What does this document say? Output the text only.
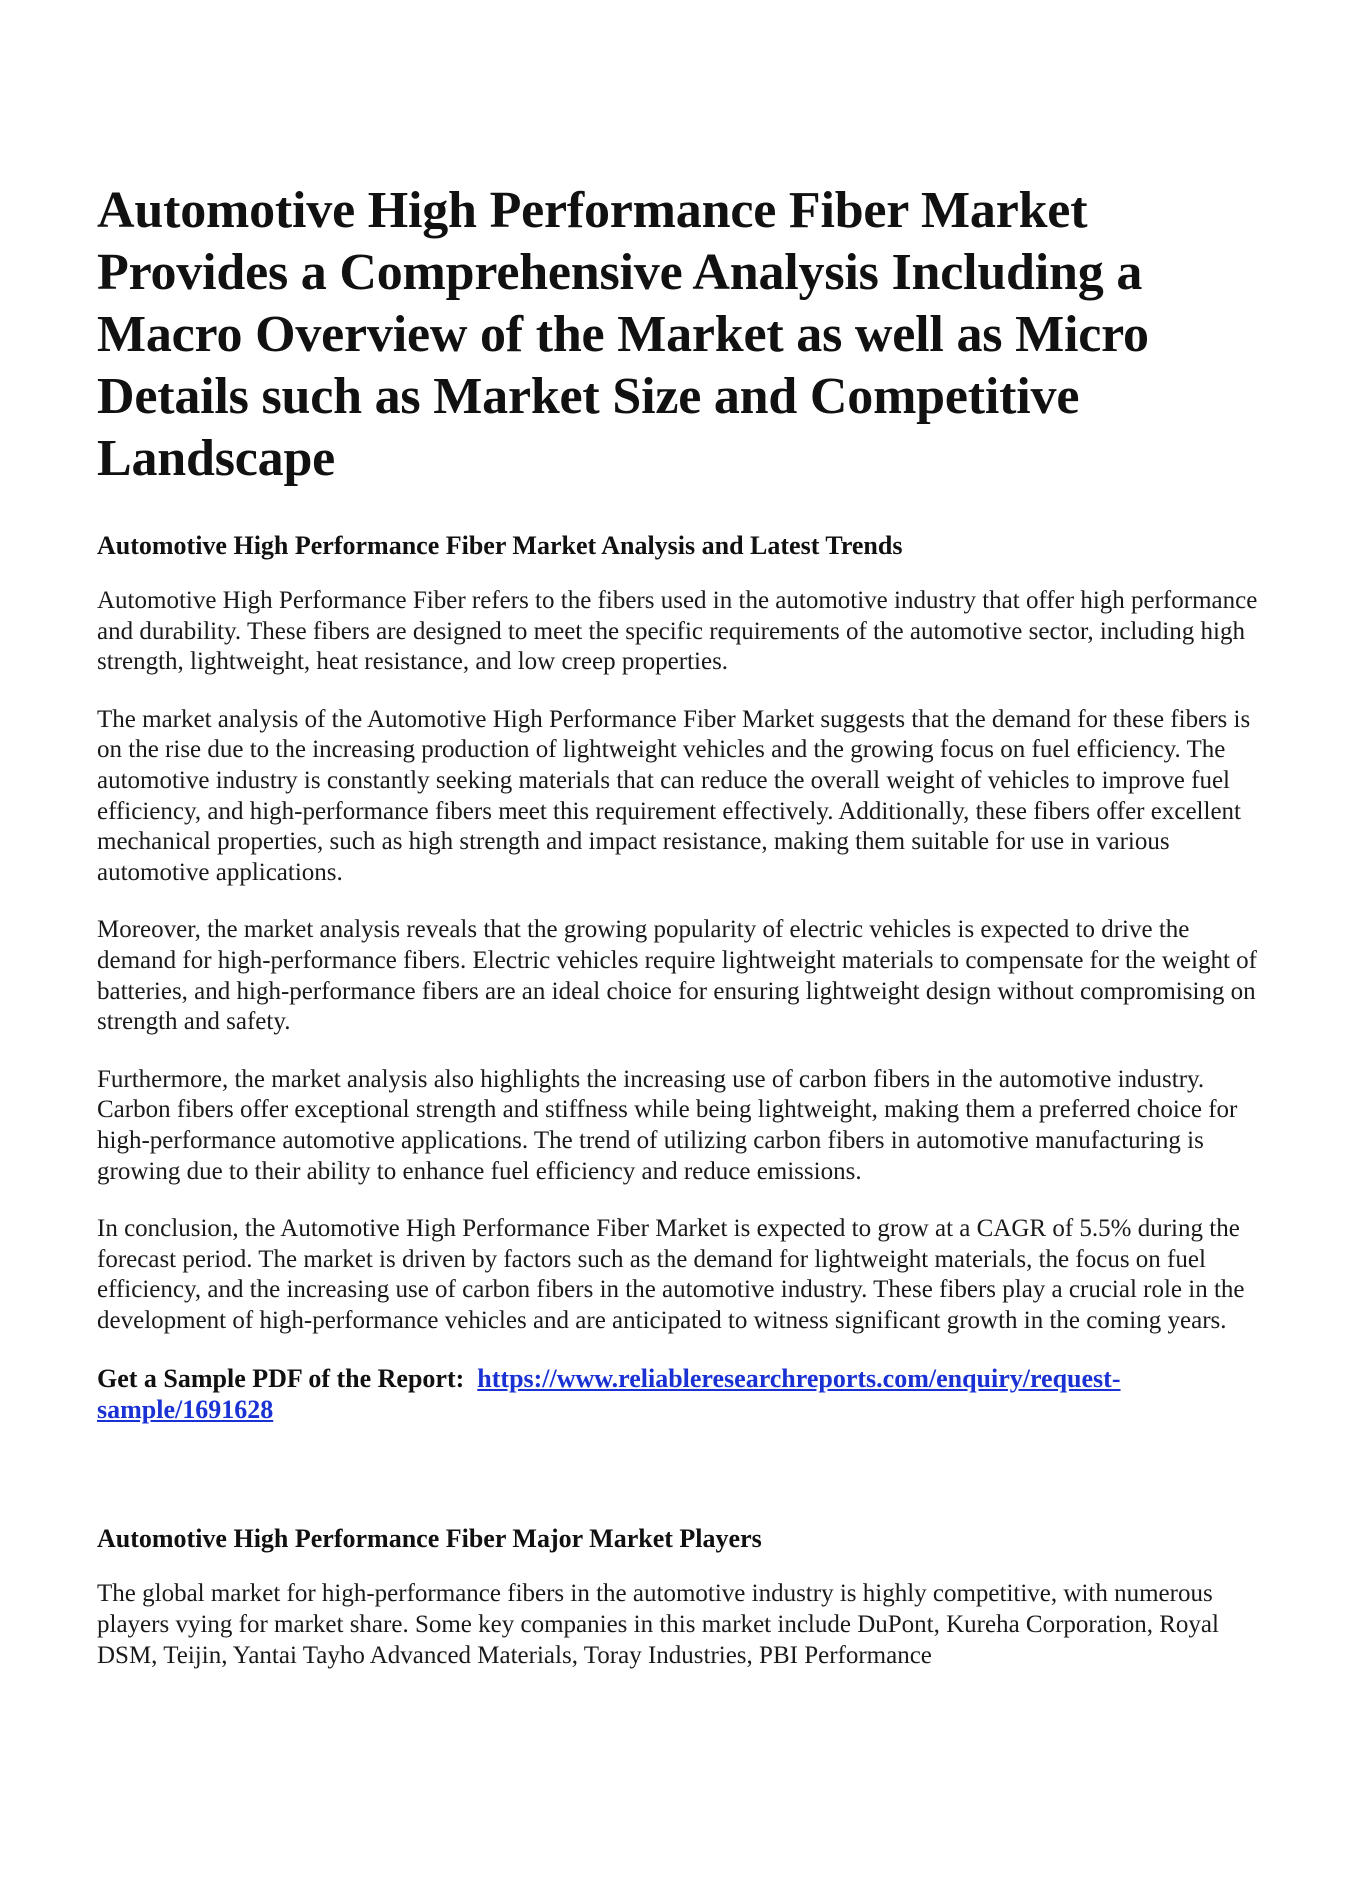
Automotive High Performance Fiber Market Provides a Comprehensive Analysis Including a Macro Overview of the Market as well as Micro Details such as Market Size and Competitive Landscape
Automotive High Performance Fiber Market Analysis and Latest Trends

Automotive High Performance Fiber refers to the fibers used in the automotive industry that offer high performance and durability. These fibers are designed to meet the specific requirements of the automotive sector, including high strength, lightweight, heat resistance, and low creep properties.

The market analysis of the Automotive High Performance Fiber Market suggests that the demand for these fibers is on the rise due to the increasing production of lightweight vehicles and the growing focus on fuel efficiency. The automotive industry is constantly seeking materials that can reduce the overall weight of vehicles to improve fuel efficiency, and high-performance fibers meet this requirement effectively. Additionally, these fibers offer excellent mechanical properties, such as high strength and impact resistance, making them suitable for use in various automotive applications.

Moreover, the market analysis reveals that the growing popularity of electric vehicles is expected to drive the demand for high-performance fibers. Electric vehicles require lightweight materials to compensate for the weight of batteries, and high-performance fibers are an ideal choice for ensuring lightweight design without compromising on strength and safety.

Furthermore, the market analysis also highlights the increasing use of carbon fibers in the automotive industry. Carbon fibers offer exceptional strength and stiffness while being lightweight, making them a preferred choice for high-performance automotive applications. The trend of utilizing carbon fibers in automotive manufacturing is growing due to their ability to enhance fuel efficiency and reduce emissions.

In conclusion, the Automotive High Performance Fiber Market is expected to grow at a CAGR of 5.5% during the forecast period. The market is driven by factors such as the demand for lightweight materials, the focus on fuel efficiency, and the increasing use of carbon fibers in the automotive industry. These fibers play a crucial role in the development of high-performance vehicles and are anticipated to witness significant growth in the coming years.

Get a Sample PDF of the Report: https://www.reliableresearchreports.com/enquiry/request-sample/1691628
Automotive High Performance Fiber Major Market Players

The global market for high-performance fibers in the automotive industry is highly competitive, with numerous players vying for market share. Some key companies in this market include DuPont, Kureha Corporation, Royal DSM, Teijin, Yantai Tayho Advanced Materials, Toray Industries, PBI Performance
